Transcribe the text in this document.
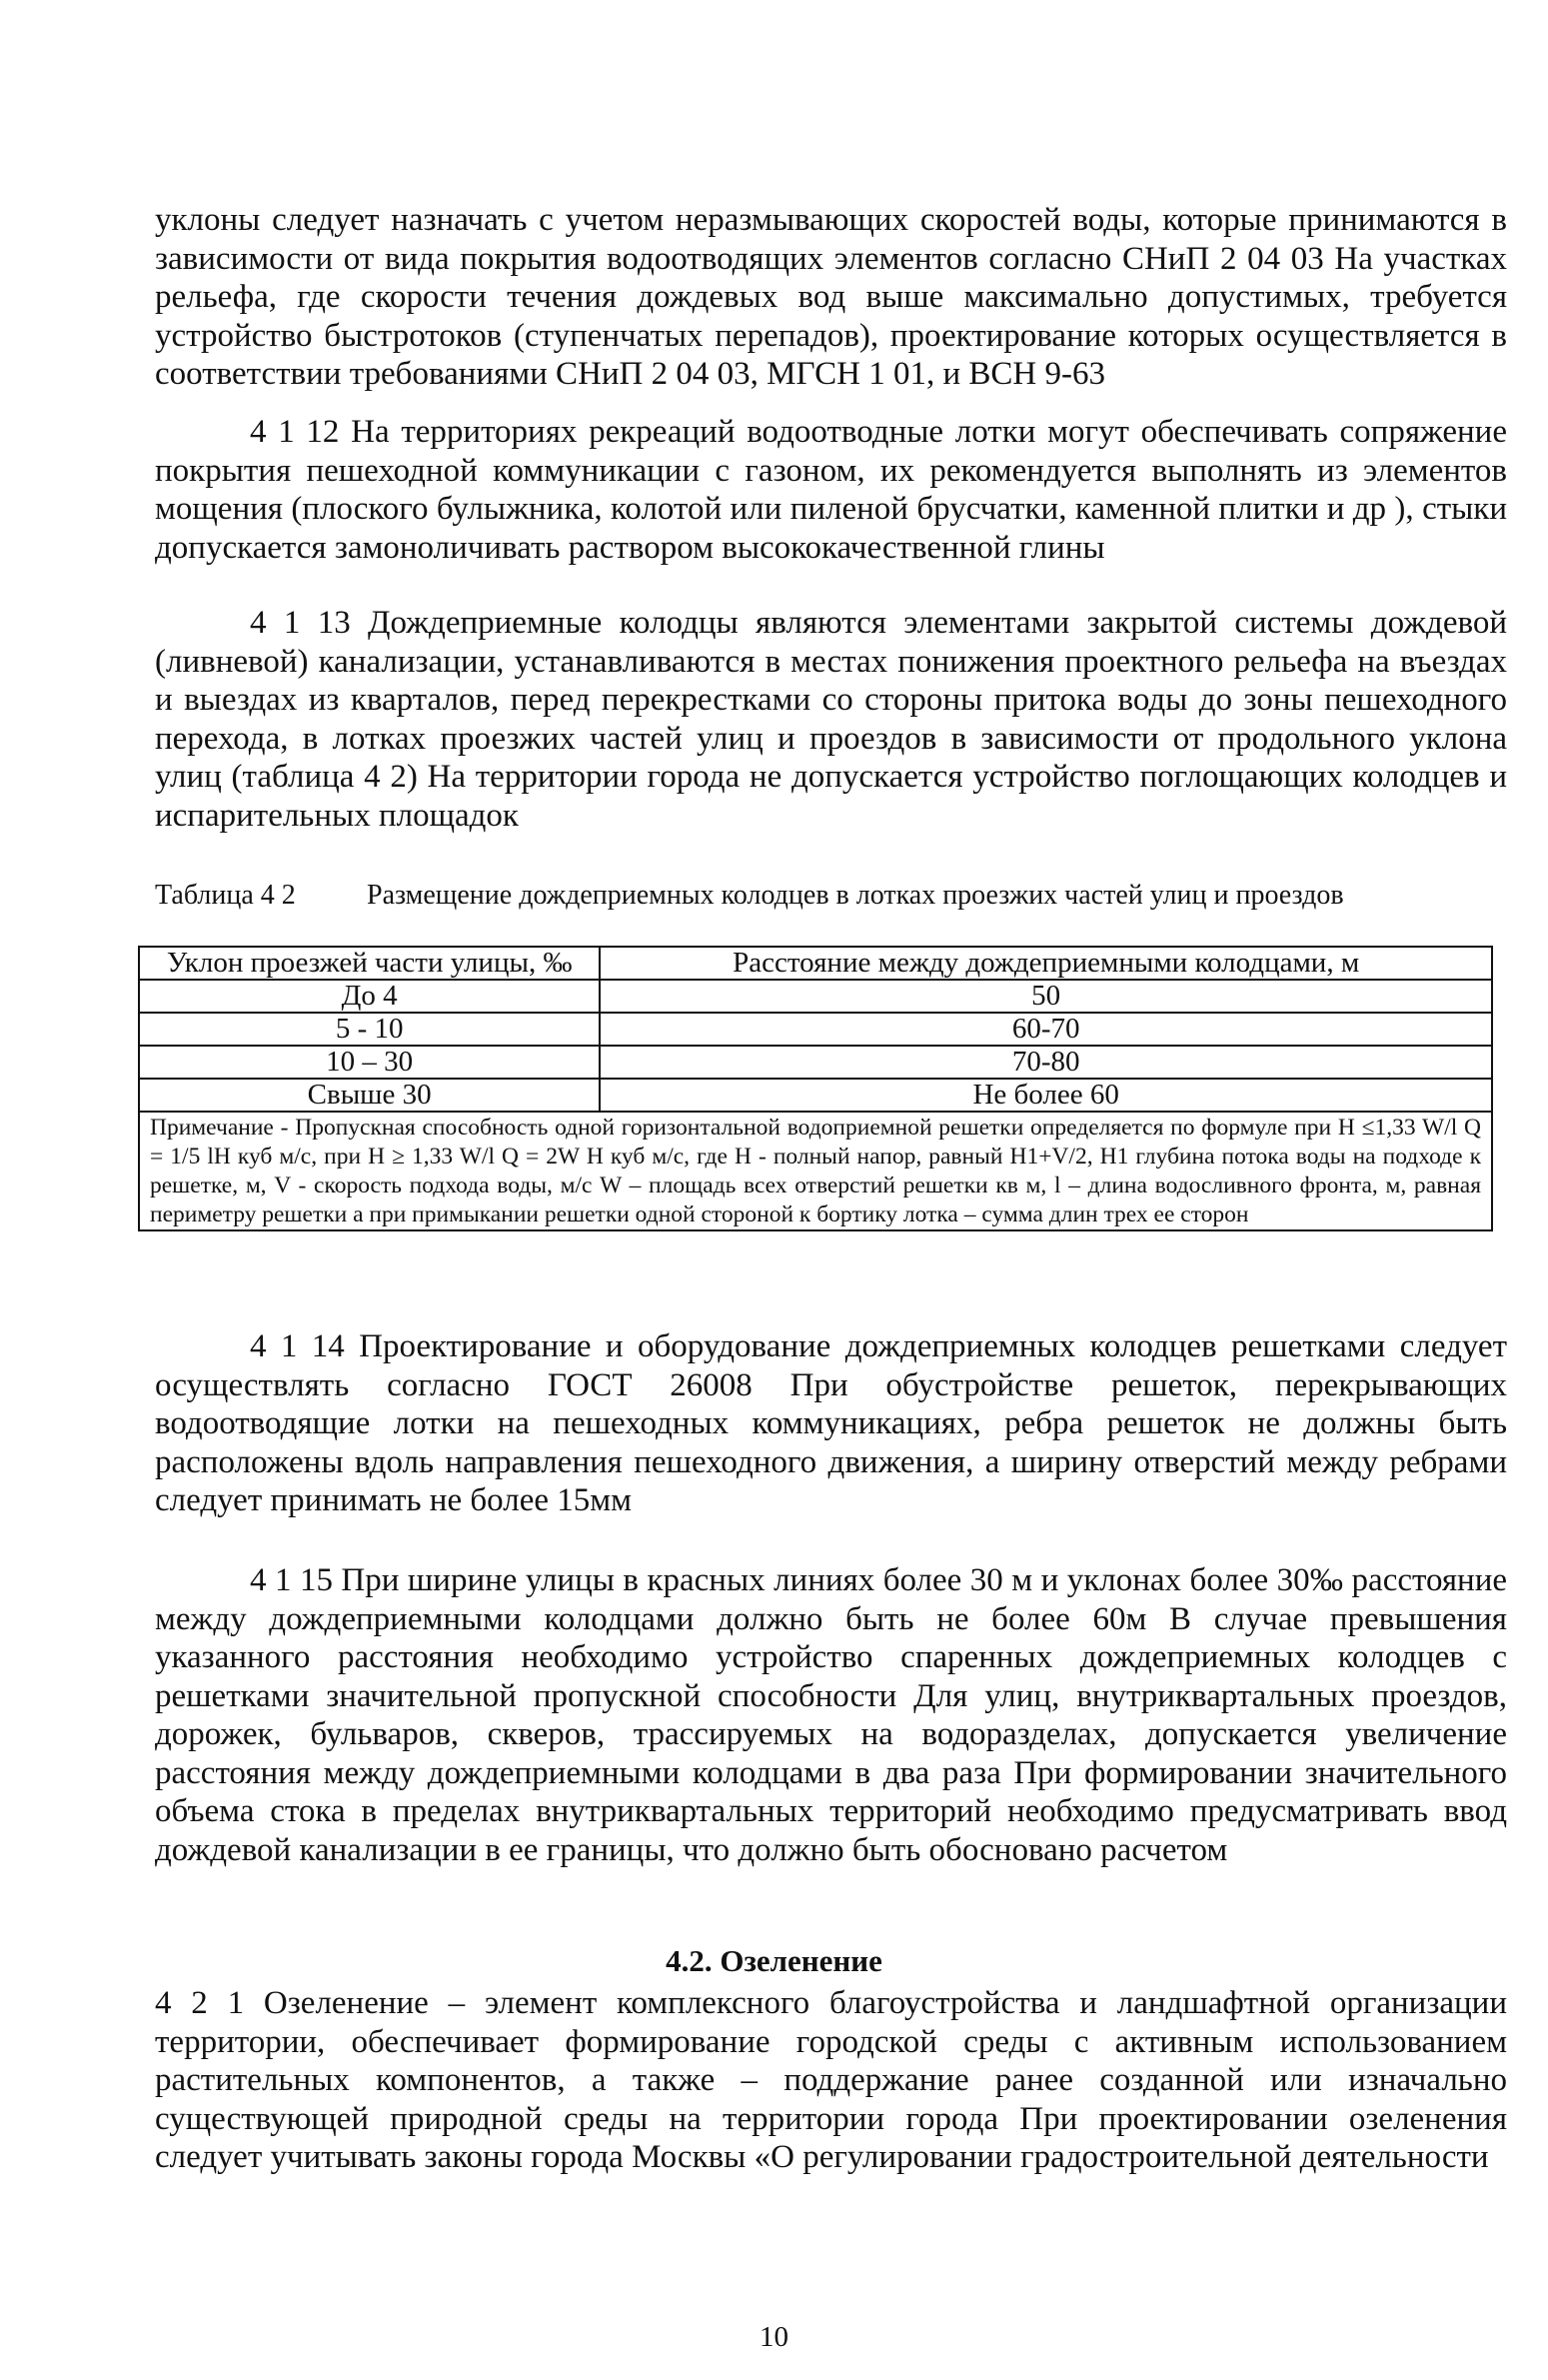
уклоны следует назначать с учетом неразмывающих скоростей воды, которые принимаются в зависимости от вида покрытия водоотводящих элементов согласно СНиП 2 04 03 На участках рельефа, где скорости течения дождевых вод выше максимально допустимых, требуется устройство быстротоков (ступенчатых перепадов), проектирование которых осуществляется в соответствии требованиями СНиП 2 04 03, МГСН 1 01, и ВСН 9-63

4 1 12 На территориях рекреаций водоотводные лотки могут обеспечивать сопряжение покрытия пешеходной коммуникации с газоном, их рекомендуется выполнять из элементов мощения (плоского булыжника, колотой или пиленой брусчатки, каменной плитки и др ), стыки допускается замоноличивать раствором высококачественной глины

4 1 13 Дождеприемные колодцы являются элементами закрытой системы дождевой (ливневой) канализации, устанавливаются в местах понижения проектного рельефа на въездах и выездах из кварталов, перед перекрестками со стороны притока воды до зоны пешеходного перехода, в лотках проезжих частей улиц и проездов в зависимости от продольного уклона улиц (таблица 4 2) На территории города не допускается устройство поглощающих колодцев и испарительных площадок

Таблица 4 2	Размещение дождеприемных колодцев в лотках проезжих частей улиц и проездов
Уклон проезжей части улицы, ‰	Расстояние между дождеприемными колодцами, м
До 4	50
5 - 10	60-70
10 – 30	70-80
Свыше 30	Не более 60
Примечание - Пропускная способность одной горизонтальной водоприемной решетки определяется по формуле при H ≤1,33 W/l Q = 1/5 lH куб м/с, при H ≥ 1,33 W/l Q = 2W H куб м/с, где H - полный напор, равный H1+V/2, H1 глубина потока воды на подходе к решетке, м, V - скорость подхода воды, м/с W – площадь всех отверстий решетки кв м, l – длина водосливного фронта, м, равная периметру решетки а при примыкании решетки одной стороной к бортику лотка – сумма длин трех ее сторон	

4 1 14 Проектирование и оборудование дождеприемных колодцев решетками следует осуществлять согласно ГОСТ 26008 При обустройстве решеток, перекрывающих водоотводящие лотки на пешеходных коммуникациях, ребра решеток не должны быть расположены вдоль направления пешеходного движения, а ширину отверстий между ребрами следует принимать не более 15мм

4 1 15 При ширине улицы в красных линиях более 30 м и уклонах более 30‰ расстояние между дождеприемными колодцами должно быть не более 60м В случае превышения указанного расстояния необходимо устройство спаренных дождеприемных колодцев с решетками значительной пропускной способности Для улиц, внутриквартальных проездов, дорожек, бульваров, скверов, трассируемых на водоразделах, допускается увеличение расстояния между дождеприемными колодцами в два раза При формировании значительного объема стока в пределах внутриквартальных территорий необходимо предусматривать ввод дождевой канализации в ее границы, что должно быть обосновано расчетом

4.2. Озеленение

4 2 1 Озеленение – элемент комплексного благоустройства и ландшафтной организации территории, обеспечивает формирование городской среды с активным использованием растительных компонентов, а также – поддержание ранее созданной или изначально существующей природной среды на территории города При проектировании озеленения следует учитывать законы города Москвы «О регулировании градостроительной деятельности

10
